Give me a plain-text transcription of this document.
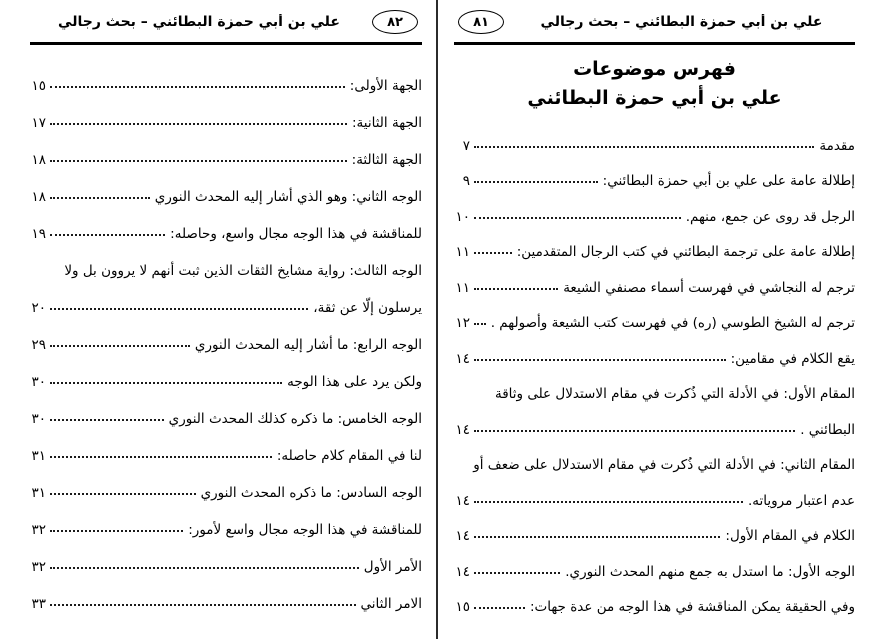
٨٢
علي بن أبي حمزة البطائني – بحث رجالي
الجهة الأولى:
١٥
الجهة الثانية:
١٧
الجهة الثالثة:
١٨
الوجه الثاني: وهو الذي أشار إليه المحدث النوري
١٨
للمناقشة في هذا الوجه مجال واسع، وحاصله:
١٩
الوجه الثالث: رواية مشايخ الثقات الذين ثبت أنهم لا يروون بل ولا
يرسلون إلّا عن ثقة،
٢٠
الوجه الرابع: ما أشار إليه المحدث النوري
٢٩
ولكن يرد على هذا الوجه
٣٠
الوجه الخامس: ما ذكره كذلك المحدث النوري
٣٠
لنا في المقام كلام حاصله:
٣١
الوجه السادس: ما ذكره المحدث النوري
٣١
للمناقشة في هذا الوجه مجال واسع لأمور:
٣٢
الأمر الأول
٣٢
الامر الثاني
٣٣
علي بن أبي حمزة البطائني – بحث رجالي
٨١
فهرس موضوعات
علي بن أبي حمزة البطائني
مقدمة
٧
إطلالة عامة على علي بن أبي حمزة البطائني:
٩
الرجل قد روى عن جمع، منهم.
١٠
إطلالة عامة على ترجمة البطائني في كتب الرجال المتقدمين:
١١
ترجم له النجاشي في فهرست أسماء مصنفي الشيعة
١١
ترجم له الشيخ الطوسي (ره) في فهرست كتب الشيعة وأصولهم .
١٢
يقع الكلام في مقامين:
١٤
المقام الأول: في الأدلة التي ذُكرت في مقام الاستدلال على وثاقة
البطائني .
١٤
المقام الثاني: في الأدلة التي ذُكرت في مقام الاستدلال على ضعف أو
عدم اعتبار مروياته.
١٤
الكلام في المقام الأول:
١٤
الوجه الأول: ما استدل به جمع منهم المحدث النوري.
١٤
وفي الحقيقة يمكن المناقشة في هذا الوجه من عدة جهات:
١٥
